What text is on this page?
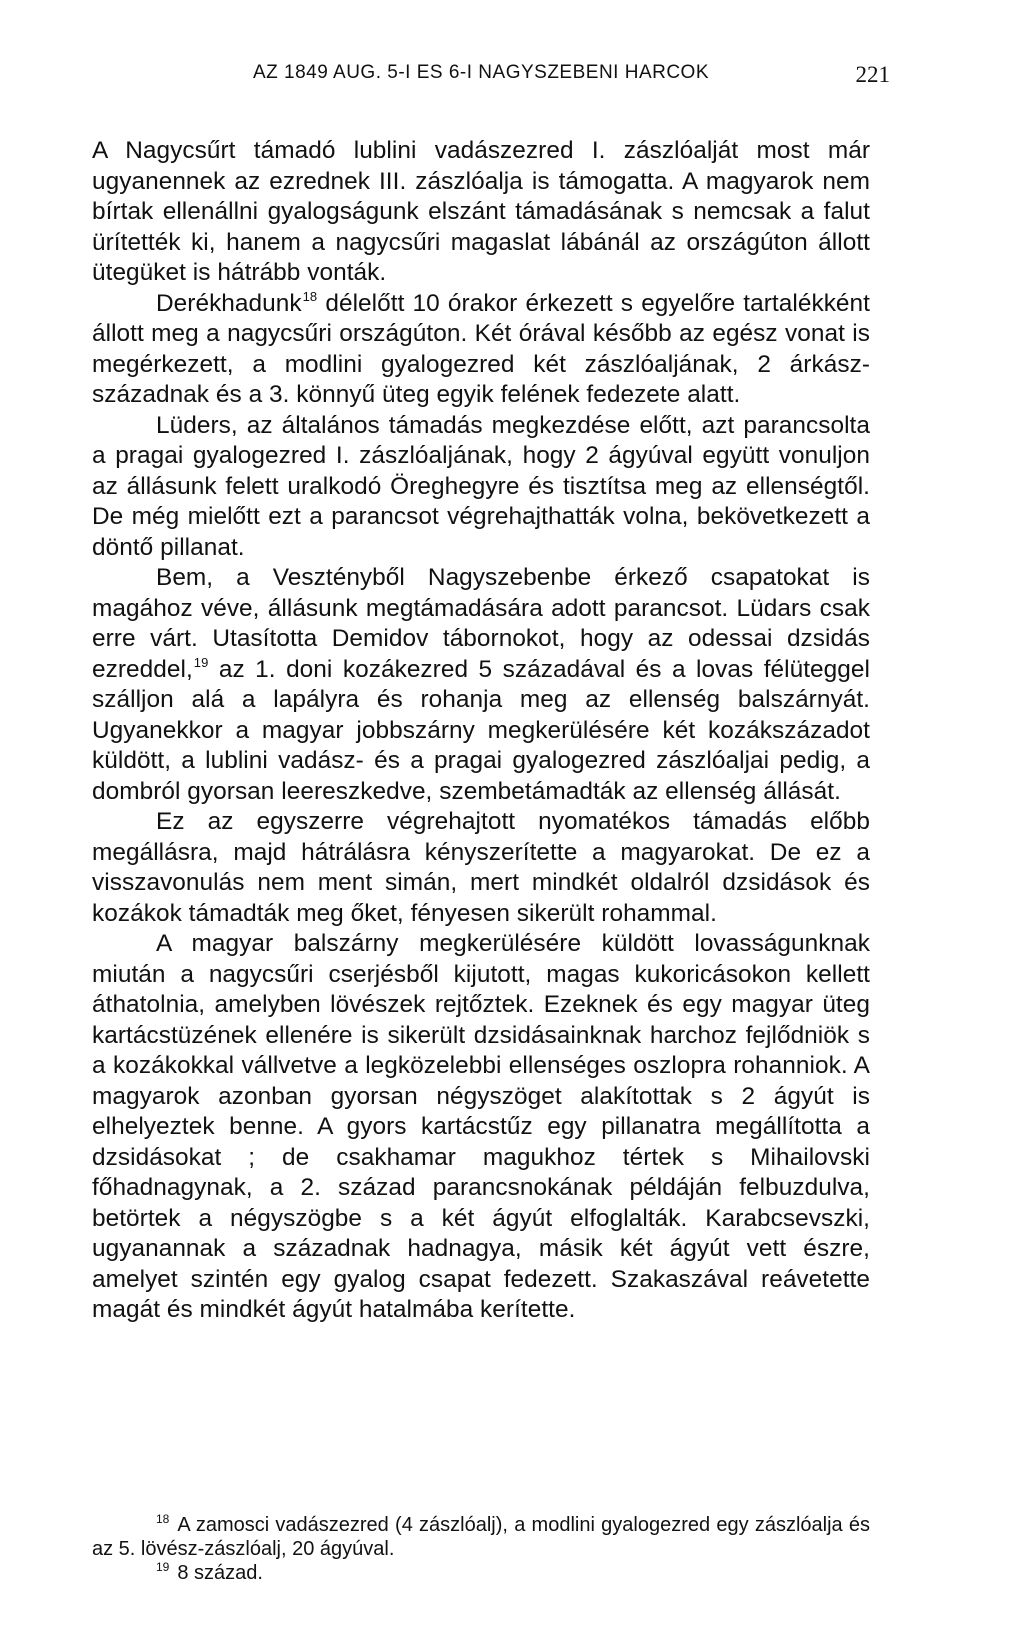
AZ 1849 AUG. 5-I ES 6-I NAGYSZEBENI HARCOK	221

A Nagycsűrt támadó lublini vadászezred I. zászlóalját most már ugyanennek az ezrednek III. zászlóalja is támogatta. A magyarok nem bírtak ellenállni gyalogságunk elszánt támadásának s nemcsak a falut ürítették ki, hanem a nagycsűri magaslat lábánál az országúton állott ütegüket is hátrább vonták.

Derékhadunk$^{18}$ délelőtt 10 órakor érkezett s egyelőre tartalékként állott meg a nagycsűri országúton. Két órával később az egész vonat is megérkezett, a modlini gyalogezred két zászlóaljának, 2 árkász-századnak és a 3. könnyű üteg egyik felének fedezete alatt.

Lüders, az általános támadás megkezdése előtt, azt parancsolta a pragai gyalogezred I. zászlóaljának, hogy 2 ágyúval együtt vonuljon az állásunk felett uralkodó Öreghegyre és tisztítsa meg az ellenségtől. De még mielőtt ezt a parancsot végrehajthatták volna, bekövetkezett a döntő pillanat.

Bem, a Vesztényből Nagyszebenbe érkező csapatokat is magához véve, állásunk megtámadására adott parancsot. Lüdars csak erre várt. Utasította Demidov tábornokot, hogy az odessai dzsidás ezreddel,$^{19}$ az 1. doni kozákezred 5 századával és a lovas félüteggel szálljon alá a lapályra és rohanja meg az ellenség balszárnyát. Ugyanekkor a magyar jobbszárny megkerülésére két kozákszázadot küldött, a lublini vadász- és a pragai gyalogezred zászlóaljai pedig, a dombról gyorsan leereszkedve, szembetámadták az ellenség állását.

Ez az egyszerre végrehajtott nyomatékos támadás előbb megállásra, majd hátrálásra kényszerítette a magyarokat. De ez a visszavonulás nem ment simán, mert mindkét oldalról dzsidások és kozákok támadták meg őket, fényesen sikerült rohammal.

A magyar balszárny megkerülésére küldött lovasságunknak miután a nagycsűri cserjésből kijutott, magas kukoricásokon kellett áthatolnia, amelyben lövészek rejtőztek. Ezeknek és egy magyar üteg kartácstüzének ellenére is sikerült dzsidásainknak harchoz fejlődniök s a kozákokkal vállvetve a legközelebbi ellenséges oszlopra rohanniok. A magyarok azonban gyorsan négyszöget alakítottak s 2 ágyút is elhelyeztek benne. A gyors kartácstűz egy pillanatra megállította a dzsidásokat ; de csakhamar magukhoz tértek s Mihailovski főhadnagynak, a 2. század parancsnokának példáján felbuzdulva, betörtek a négyszögbe s a két ágyút elfoglalták. Karabcsevszki, ugyanannak a századnak hadnagya, másik két ágyút vett észre, amelyet szintén egy gyalog csapat fedezett. Szakaszával reávetette magát és mindkét ágyút hatalmába kerítette.

$^{18}$ A zamosci vadászezred (4 zászlóalj), a modlini gyalogezred egy zászlóalja és az 5. lövész-zászlóalj, 20 ágyúval.

$^{19}$ 8 század.
